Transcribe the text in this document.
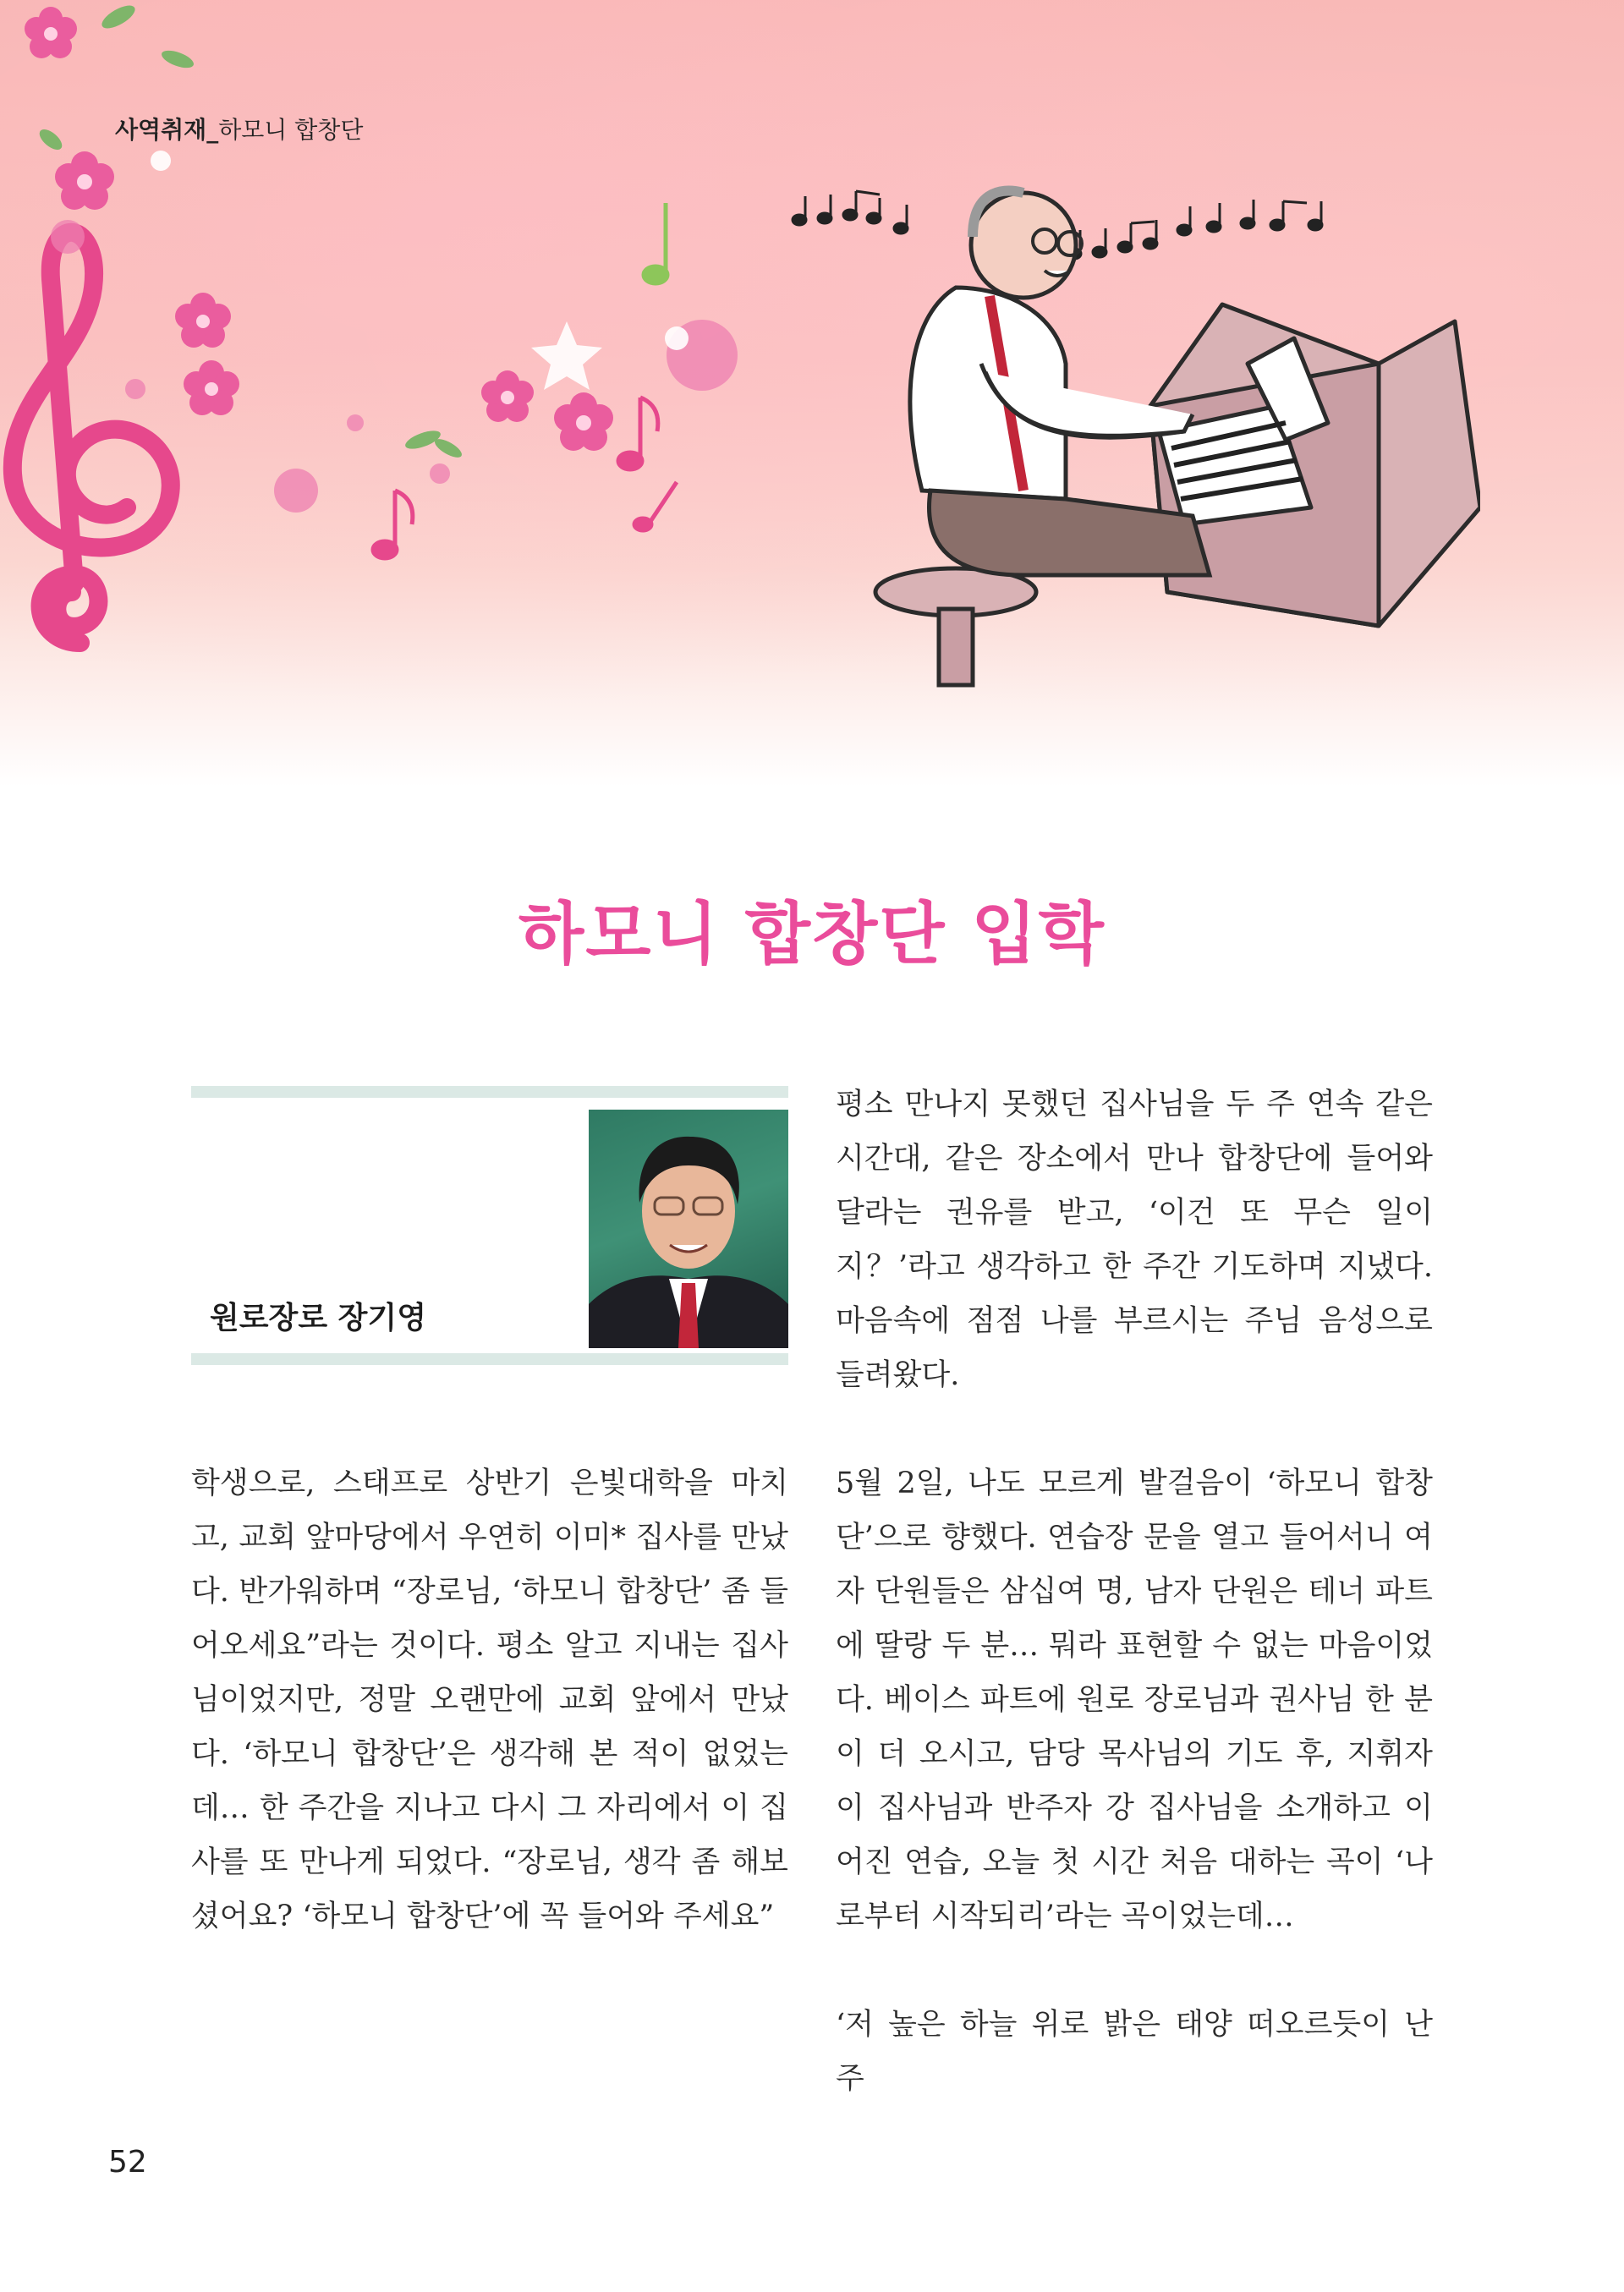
사역취재_하모니 합창단
하모니 합창단 입학
원로장로 장기영

학생으로, 스태프로 상반기 은빛대학을 마치고, 교회 앞마당에서 우연히 이미* 집사를 만났다. 반가워하며 “장로님, ‘하모니 합창단’ 좀 들어오세요”라는 것이다. 평소 알고 지내는 집사님이었지만, 정말 오랜만에 교회 앞에서 만났다. ‘하모니 합창단’은 생각해 본 적이 없었는데… 한 주간을 지나고 다시 그 자리에서 이 집사를 또 만나게 되었다. “장로님, 생각 좀 해보셨어요? ‘하모니 합창단’에 꼭 들어와 주세요”

평소 만나지 못했던 집사님을 두 주 연속 같은 시간대, 같은 장소에서 만나 합창단에 들어와 달라는 권유를 받고, ‘이건 또 무슨 일이지？’라고 생각하고 한 주간 기도하며 지냈다. 마음속에 점점 나를 부르시는 주님 음성으로 들려왔다.

5월 2일, 나도 모르게 발걸음이 ‘하모니 합창단’으로 향했다. 연습장 문을 열고 들어서니 여자 단원들은 삼십여 명, 남자 단원은 테너 파트에 딸랑 두 분… 뭐라 표현할 수 없는 마음이었다. 베이스 파트에 원로 장로님과 권사님 한 분이 더 오시고, 담당 목사님의 기도 후, 지휘자 이 집사님과 반주자 강 집사님을 소개하고 이어진 연습, 오늘 첫 시간 처음 대하는 곡이 ‘나로부터 시작되리’라는 곡이었는데…

‘저 높은 하늘 위로 밝은 태양 떠오르듯이 난 주

52
